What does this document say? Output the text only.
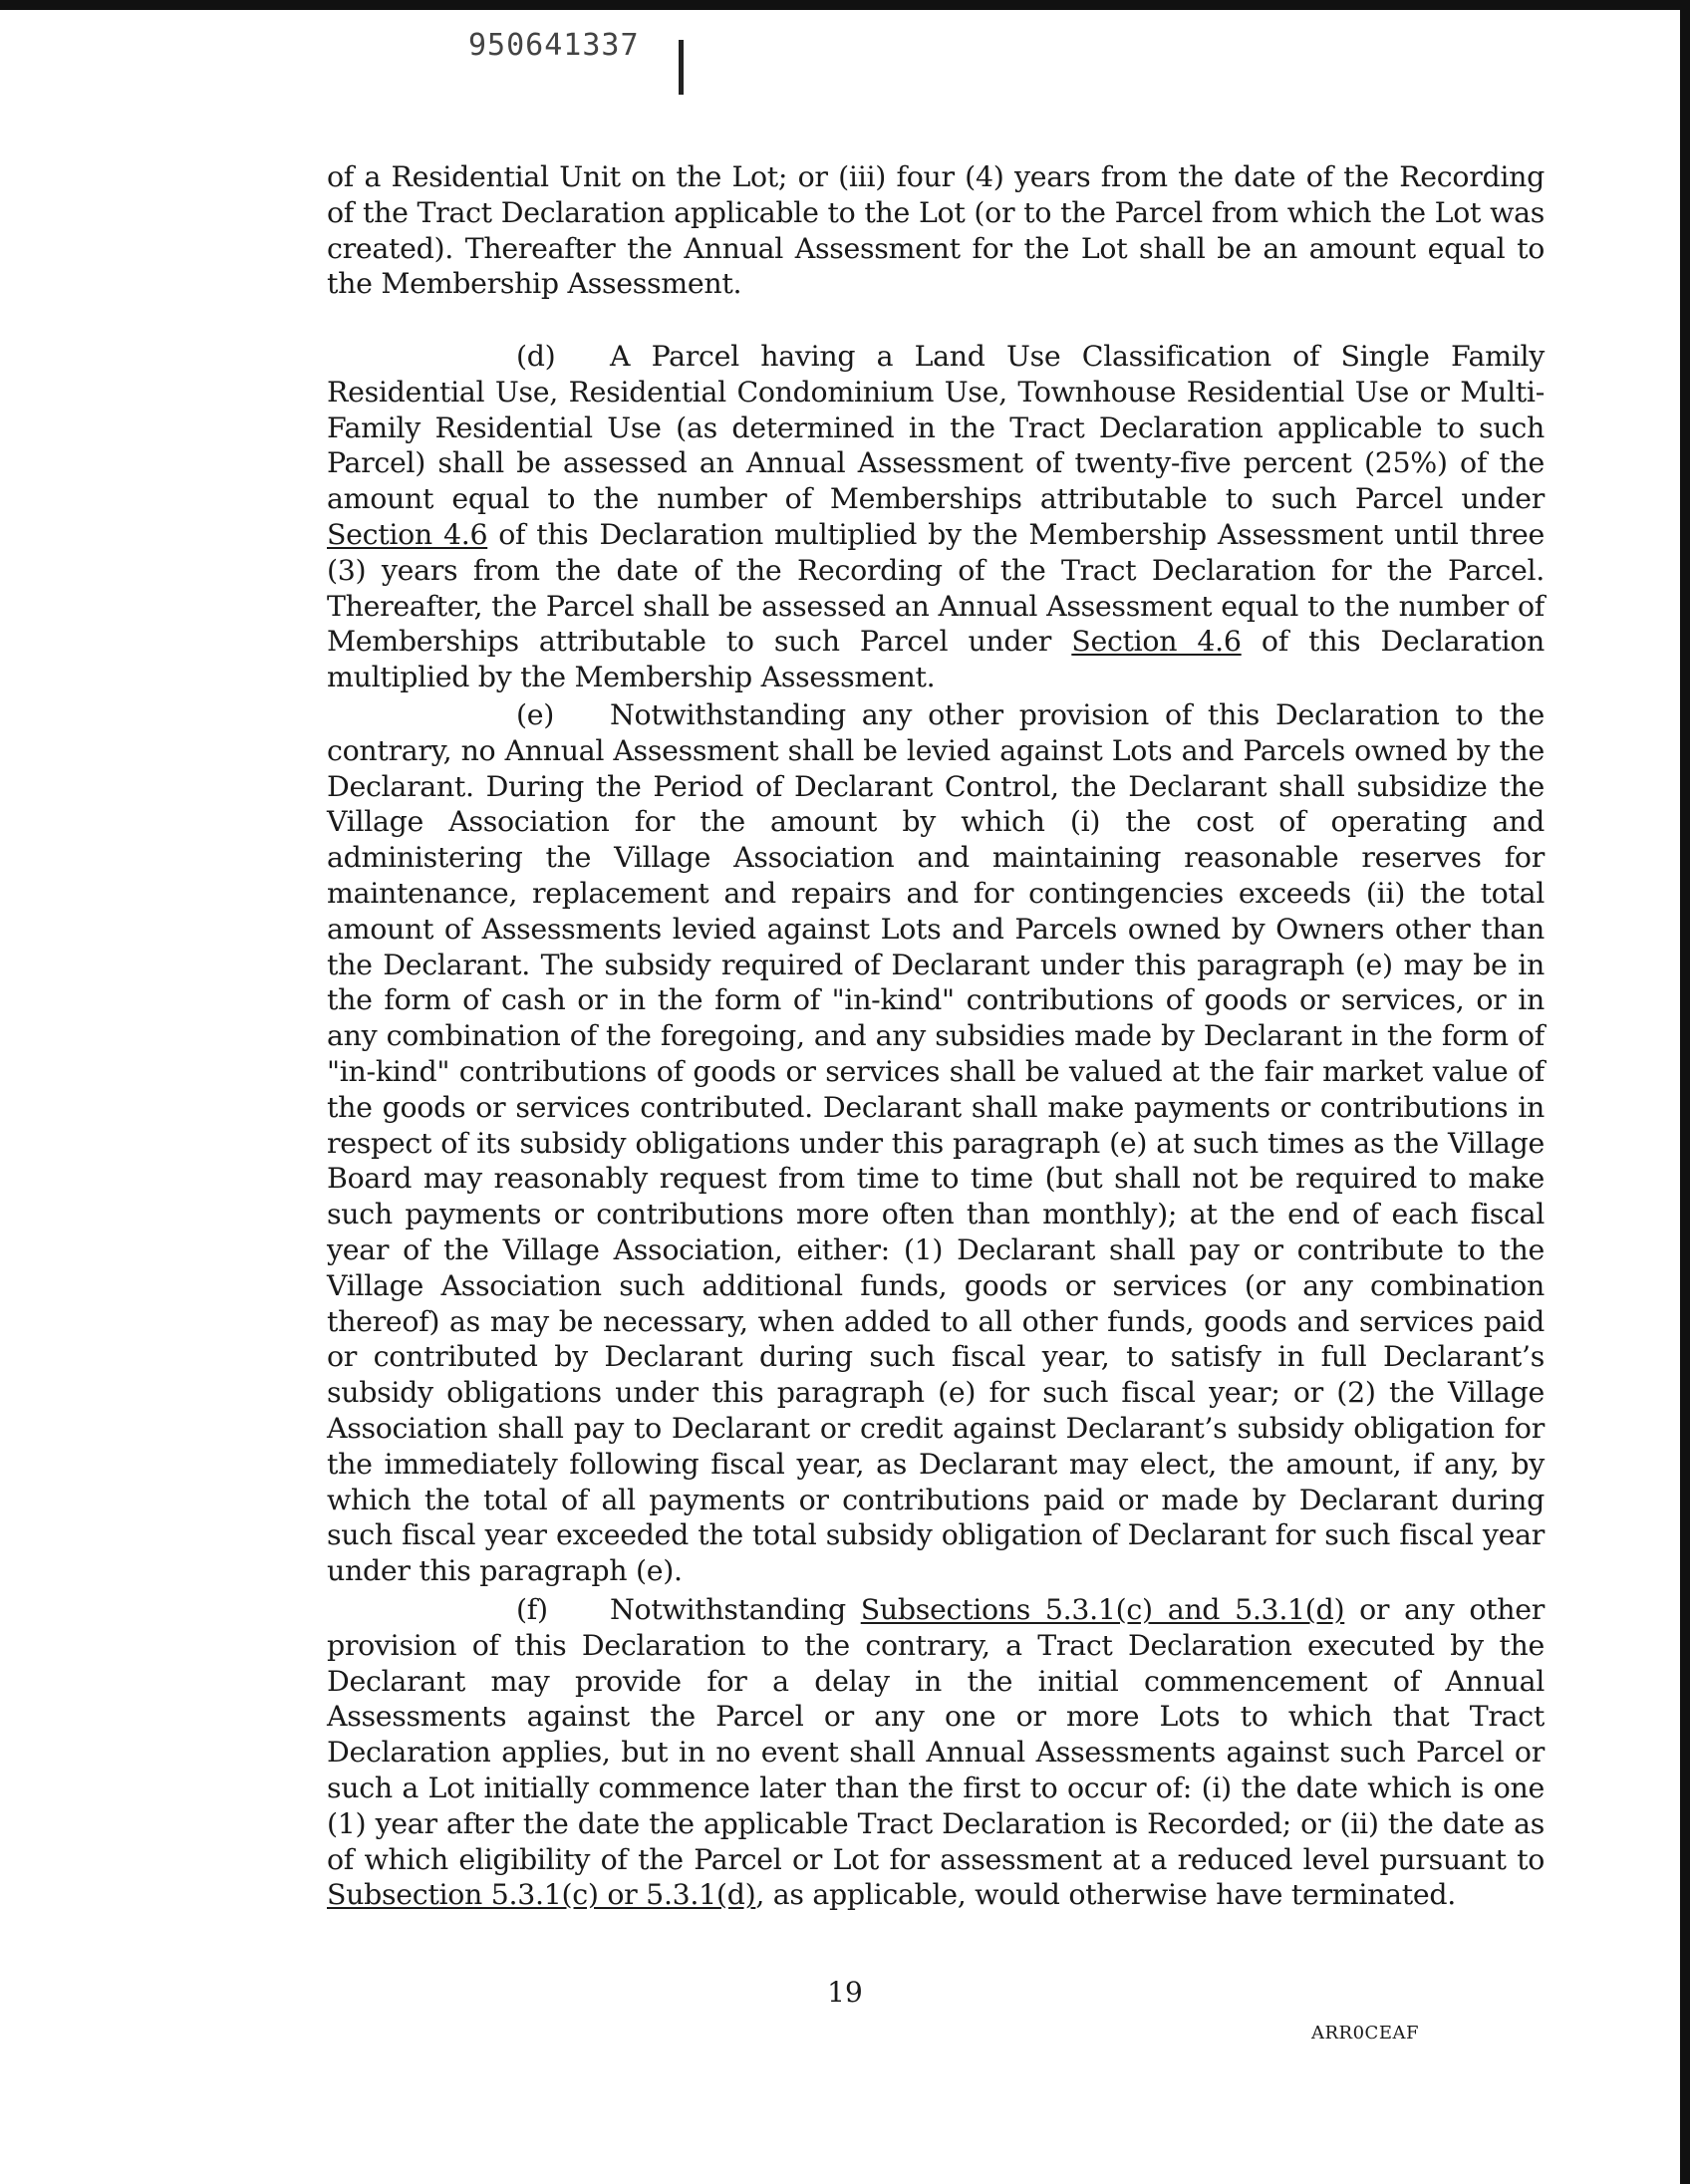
950641337

of a Residential Unit on the Lot; or (iii) four (4) years from the date of the Recording of the Tract Declaration applicable to the Lot (or to the Parcel from which the Lot was created). Thereafter the Annual Assessment for the Lot shall be an amount equal to the Membership Assessment.

(d) A Parcel having a Land Use Classification of Single Family Residential Use, Residential Condominium Use, Townhouse Residential Use or Multi-Family Residential Use (as determined in the Tract Declaration applicable to such Parcel) shall be assessed an Annual Assessment of twenty-five percent (25%) of the amount equal to the number of Memberships attributable to such Parcel under Section 4.6 of this Declaration multiplied by the Membership Assessment until three (3) years from the date of the Recording of the Tract Declaration for the Parcel. Thereafter, the Parcel shall be assessed an Annual Assessment equal to the number of Memberships attributable to such Parcel under Section 4.6 of this Declaration multiplied by the Membership Assessment.

(e) Notwithstanding any other provision of this Declaration to the contrary, no Annual Assessment shall be levied against Lots and Parcels owned by the Declarant. During the Period of Declarant Control, the Declarant shall subsidize the Village Association for the amount by which (i) the cost of operating and administering the Village Association and maintaining reasonable reserves for maintenance, replacement and repairs and for contingencies exceeds (ii) the total amount of Assessments levied against Lots and Parcels owned by Owners other than the Declarant. The subsidy required of Declarant under this paragraph (e) may be in the form of cash or in the form of "in-kind" contributions of goods or services, or in any combination of the foregoing, and any subsidies made by Declarant in the form of "in-kind" contributions of goods or services shall be valued at the fair market value of the goods or services contributed. Declarant shall make payments or contributions in respect of its subsidy obligations under this paragraph (e) at such times as the Village Board may reasonably request from time to time (but shall not be required to make such payments or contributions more often than monthly); at the end of each fiscal year of the Village Association, either: (1) Declarant shall pay or contribute to the Village Association such additional funds, goods or services (or any combination thereof) as may be necessary, when added to all other funds, goods and services paid or contributed by Declarant during such fiscal year, to satisfy in full Declarant’s subsidy obligations under this paragraph (e) for such fiscal year; or (2) the Village Association shall pay to Declarant or credit against Declarant’s subsidy obligation for the immediately following fiscal year, as Declarant may elect, the amount, if any, by which the total of all payments or contributions paid or made by Declarant during such fiscal year exceeded the total subsidy obligation of Declarant for such fiscal year under this paragraph (e).

(f) Notwithstanding Subsections 5.3.1(c) and 5.3.1(d) or any other provision of this Declaration to the contrary, a Tract Declaration executed by the Declarant may provide for a delay in the initial commencement of Annual Assessments against the Parcel or any one or more Lots to which that Tract Declaration applies, but in no event shall Annual Assessments against such Parcel or such a Lot initially commence later than the first to occur of: (i) the date which is one (1) year after the date the applicable Tract Declaration is Recorded; or (ii) the date as of which eligibility of the Parcel or Lot for assessment at a reduced level pursuant to Subsection 5.3.1(c) or 5.3.1(d), as applicable, would otherwise have terminated.

19
ARR0CEAF
